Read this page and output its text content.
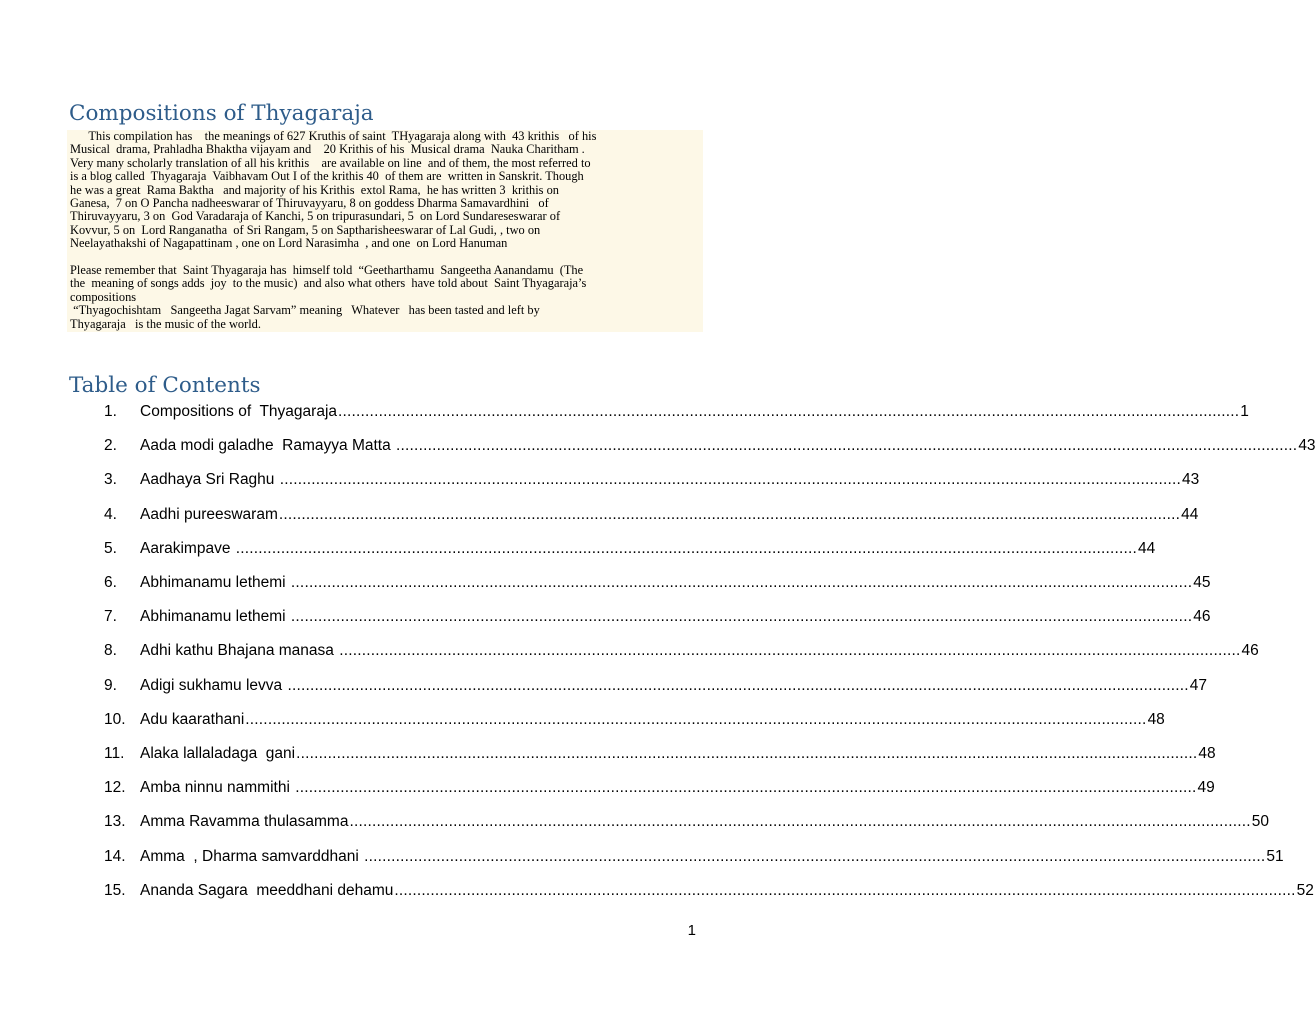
Compositions of Thyagaraja

This compilation has    the meanings of 627 Kruthis of saint  THyagaraja along with  43 krithis   of his

Musical  drama, Prahladha Bhaktha vijayam and    20 Krithis of his  Musical drama  Nauka Charitham .

Very many scholarly translation of all his krithis    are available on line  and of them, the most referred to

is a blog called  Thyagaraja  Vaibhavam Out I of the krithis 40  of them are  written in Sanskrit. Though

he was a great  Rama Baktha   and majority of his Krithis  extol Rama,  he has written 3  krithis on

Ganesa,  7 on O Pancha nadheeswarar of Thiruvayyaru, 8 on goddess Dharma Samavardhini   of

Thiruvayyaru, 3 on  God Varadaraja of Kanchi, 5 on tripurasundari, 5  on Lord Sundareseswarar of

Kovvur, 5 on  Lord Ranganatha  of Sri Rangam, 5 on Saptharisheeswarar of Lal Gudi, , two on

Neelayathakshi of Nagapattinam , one on Lord Narasimha  , and one  on Lord Hanuman

Please remember that  Saint Thyagaraja has  himself told  “Geetharthamu  Sangeetha Aanandamu  (The

the  meaning of songs adds  joy  to the music)  and also what others  have told about  Saint Thyagaraja’s

compositions

“Thyagochishtam   Sangeetha Jagat Sarvam” meaning   Whatever   has been tasted and left by

Thyagaraja   is the music of the world.

Table of Contents
1.	Compositions of  Thyagaraja ........................................................................................................................................................................................................ 1
2.	Aada modi galadhe  Ramayya Matta ........................................................................................................................................................................................................ 43
3.	Aadhaya Sri Raghu ........................................................................................................................................................................................................ 43
4.	Aadhi pureeswaram ........................................................................................................................................................................................................ 44
5.	Aarakimpave ........................................................................................................................................................................................................ 44
6.	Abhimanamu lethemi ........................................................................................................................................................................................................ 45
7.	Abhimanamu lethemi ........................................................................................................................................................................................................ 46
8.	Adhi kathu Bhajana manasa ........................................................................................................................................................................................................ 46
9.	Adigi sukhamu levva ........................................................................................................................................................................................................ 47
10. Adu kaarathani ........................................................................................................................................................................................................ 48
11.	Alaka lallaladaga  gani ........................................................................................................................................................................................................ 48
12. Amba ninnu nammithi ........................................................................................................................................................................................................ 49
13. Amma Ravamma thulasamma ........................................................................................................................................................................................................ 50
14. Amma  , Dharma samvarddhani ........................................................................................................................................................................................................ 51
15. Ananda Sagara  meeddhani dehamu ........................................................................................................................................................................................................ 52
1
